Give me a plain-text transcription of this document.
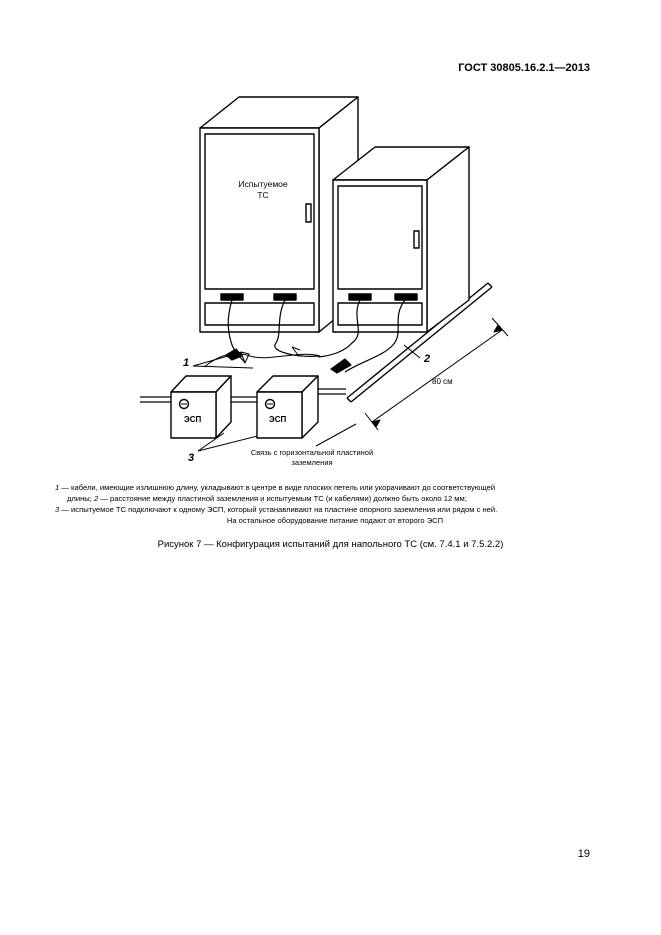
ГОСТ 30805.16.2.1—2013
Испытуемое
ТС
1	2
3
ЭСП	ЭСП
80 см
Связь с горизонтальной пластиной
заземления

1 — кабели, имеющие излишнюю длину, укладывают в центре в виде плоских петель или укорачивают до соответствующей

длины; 2 — расстояние между пластиной заземления и испытуемым ТС (и кабелями) должно быть около 12 мм;

3 — испытуемое ТС подключают к одному ЭСП, который устанавливают на пластине опорного заземления или рядом с ней.

На остальное оборудование питание подают от второго ЭСП

Рисунок 7 — Конфигурация испытаний для напольного ТС (см. 7.4.1 и 7.5.2.2)
19
